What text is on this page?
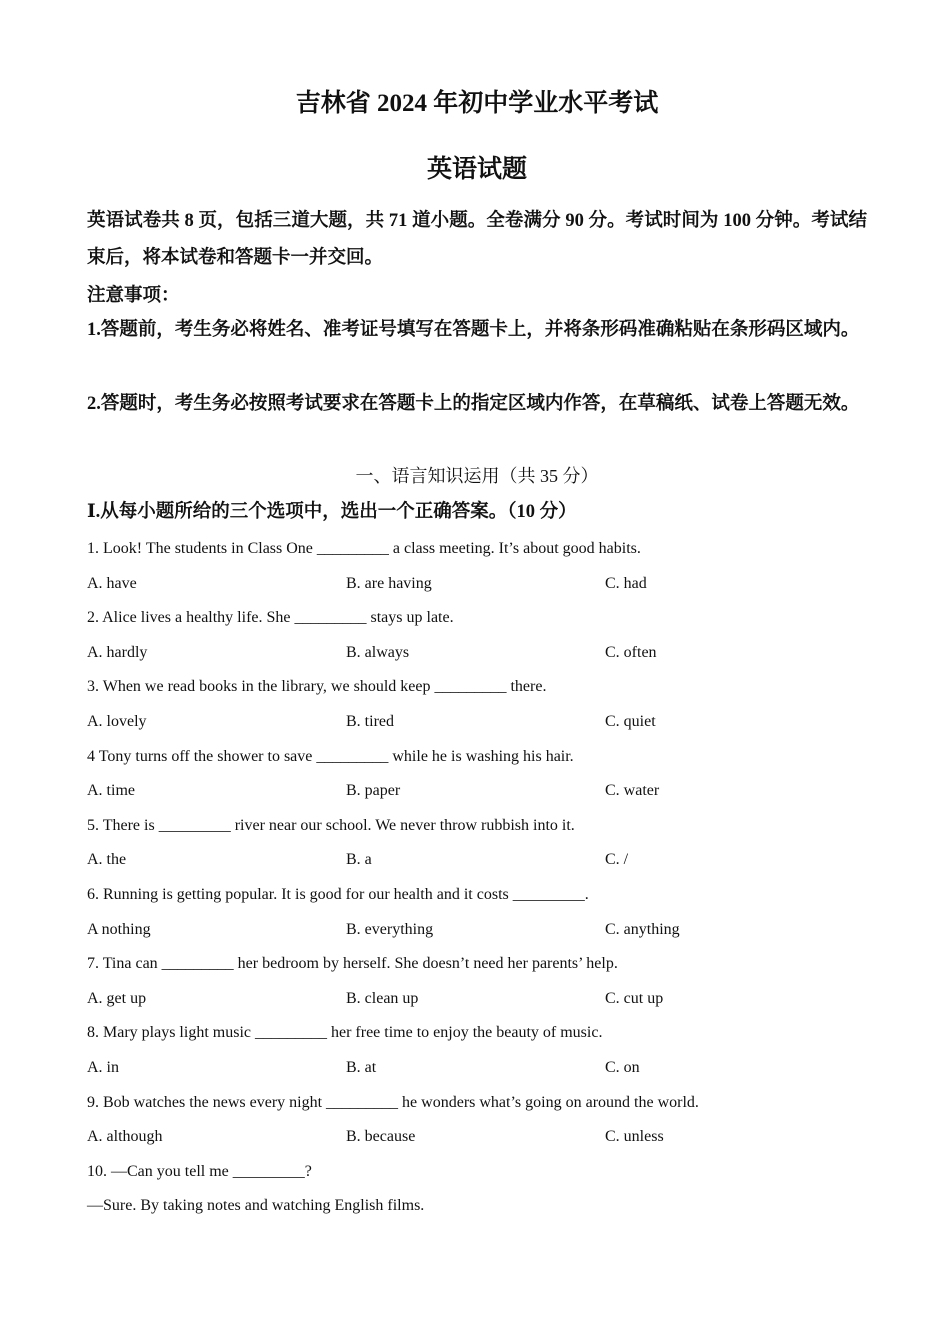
吉林省 2024 年初中学业水平考试
英语试题
英语试卷共 8 页，包括三道大题，共 71 道小题。全卷满分 90 分。考试时间为 100 分钟。考试结束后，将本试卷和答题卡一并交回。
注意事项：
1.答题前，考生务必将姓名、准考证号填写在答题卡上，并将条形码准确粘贴在条形码区域内。
2.答题时，考生务必按照考试要求在答题卡上的指定区域内作答，在草稿纸、试卷上答题无效。
一、语言知识运用（共 35 分）
Ⅰ.从每小题所给的三个选项中，选出一个正确答案。（10 分）
1. Look! The students in Class One _________ a class meeting. It’s about good habits.
A. have	B. are having	C. had
2. Alice lives a healthy life. She _________ stays up late.
A. hardly	B. always	C. often
3. When we read books in the library, we should keep _________ there.
A. lovely	B. tired	C. quiet
4 Tony turns off the shower to save _________ while he is washing his hair.
A. time	B. paper	C. water
5. There is _________ river near our school. We never throw rubbish into it.
A. the	B. a	C. /
6. Running is getting popular. It is good for our health and it costs _________.
A nothing	B. everything	C. anything
7. Tina can _________ her bedroom by herself. She doesn’t need her parents’ help.
A. get up	B. clean up	C. cut up
8. Mary plays light music _________ her free time to enjoy the beauty of music.
A. in	B. at	C. on
9. Bob watches the news every night _________ he wonders what’s going on around the world.
A. although	B. because	C. unless
10. —Can you tell me _________?
—Sure. By taking notes and watching English films.
